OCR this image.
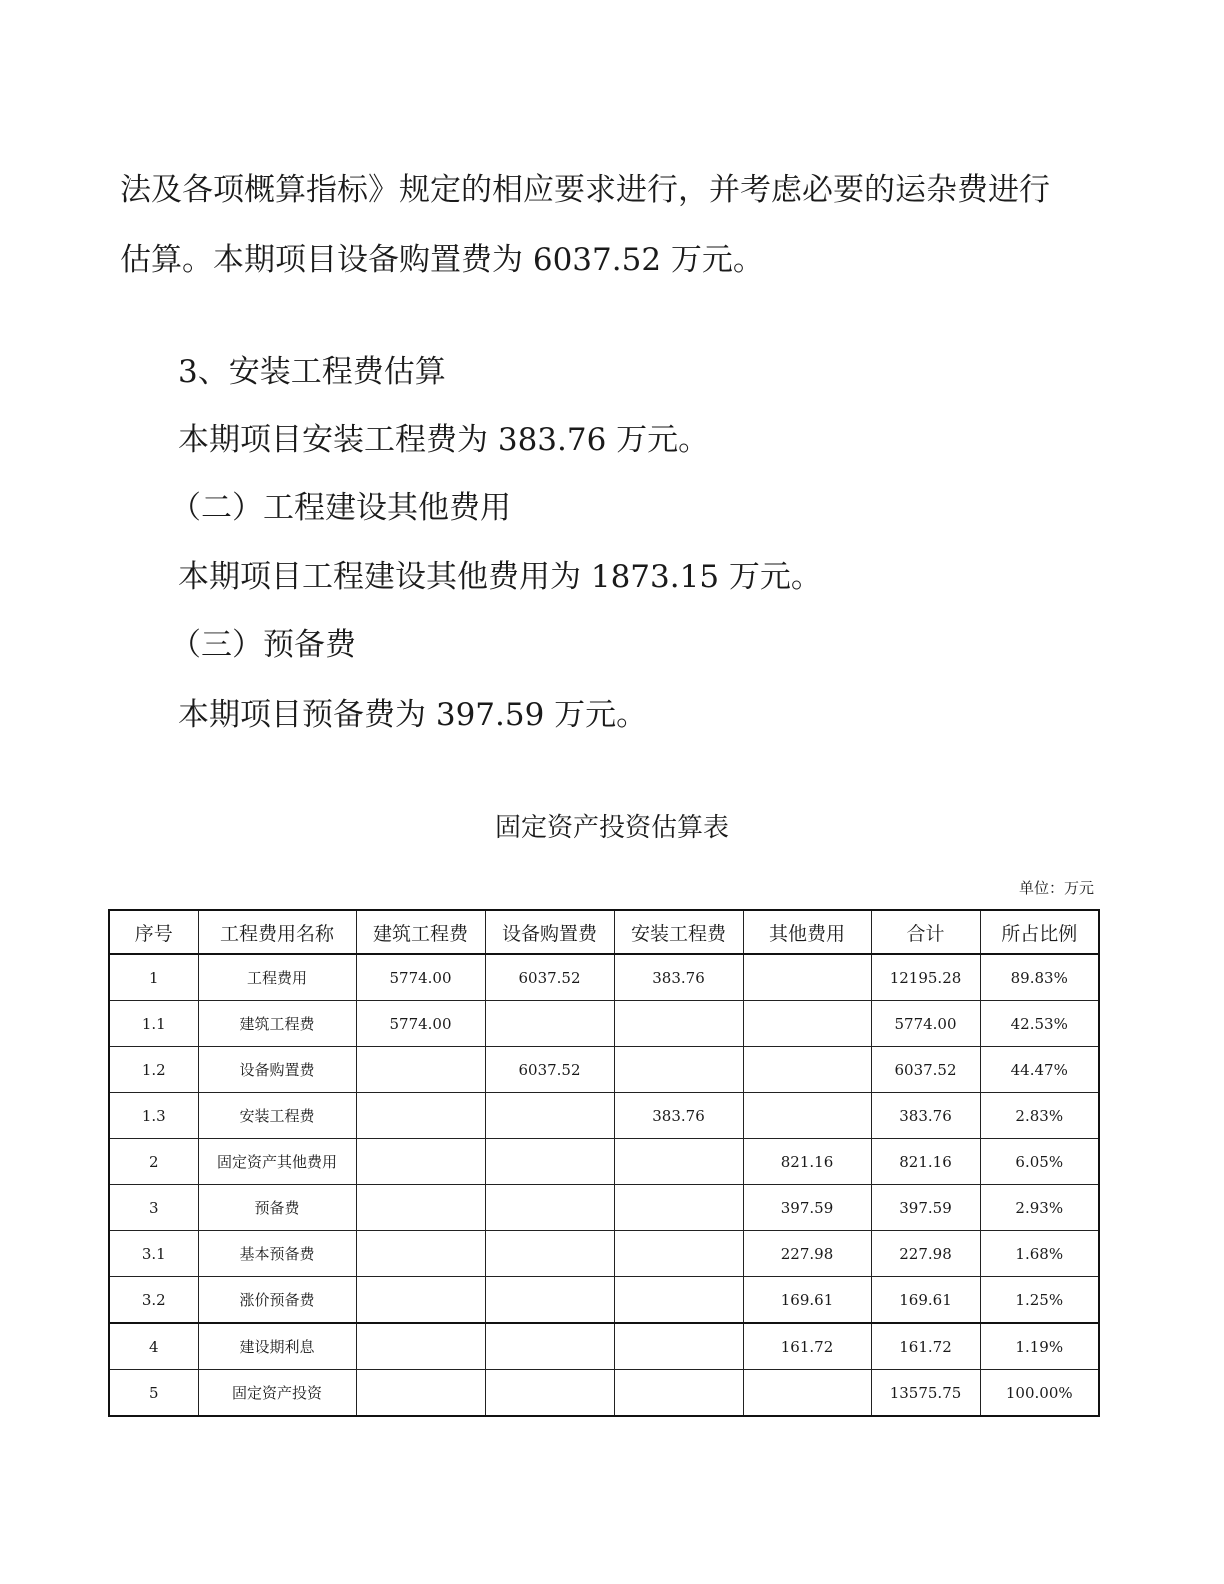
法及各项概算指标》规定的相应要求进行，并考虑必要的运杂费进行

估算。本期项目设备购置费为 6037.52 万元。

3、安装工程费估算

本期项目安装工程费为 383.76 万元。

（二）工程建设其他费用

本期项目工程建设其他费用为 1873.15 万元。

（三）预备费

本期项目预备费为 397.59 万元。

固定资产投资估算表
单位：万元
序号	工程费用名称	建筑工程费	设备购置费	安装工程费	其他费用	合计	所占比例
1	工程费用	5774.00	6037.52	383.76		12195.28	89.83%
1.1	建筑工程费	5774.00				5774.00	42.53%
1.2	设备购置费		6037.52			6037.52	44.47%
1.3	安装工程费			383.76		383.76	2.83%
2	固定资产其他费用				821.16	821.16	6.05%
3	预备费				397.59	397.59	2.93%
3.1	基本预备费				227.98	227.98	1.68%
3.2	涨价预备费				169.61	169.61	1.25%
4	建设期利息				161.72	161.72	1.19%
5	固定资产投资					13575.75	100.00%
